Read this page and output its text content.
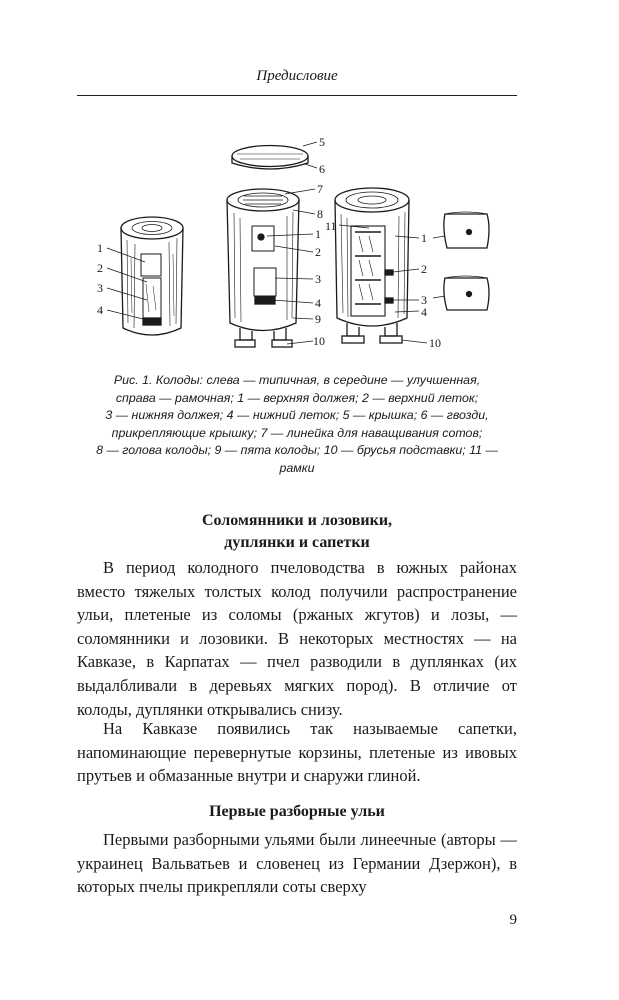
Предисловие
1
2
3
4
5
6
7
8
1
2
3
4
9
10
11
1
2
3
4
10
Рис. 1. Колоды: слева — типичная, в середине — улучшенная,
справа — рамочная; 1 — верхняя должея; 2 — верхний леток;
3 — нижняя должея; 4 — нижний леток; 5 — крышка; 6 — гвозди,
прикрепляющие крышку; 7 — линейка для наващивания сотов;
8 — голова колоды; 9 — пята колоды; 10 — брусья подставки; 11 —
рамки
Соломянники и лозовики,
дуплянки и сапетки

В период колодного пчеловодства в южных районах вместо тяжелых толстых колод получили распространение ульи, плетеные из соломы (ржаных жгутов) и лозы, — соломянники и лозовики. В некоторых местностях — на Кавказе, в Карпатах — пчел разводили в дуплянках (их выдалбливали в деревьях мягких пород). В отличие от колоды, дуплянки открывались снизу.

На Кавказе появились так называемые сапетки, напоминающие перевернутые корзины, плетеные из ивовых прутьев и обмазанные внутри и снаружи глиной.

Первые разборные ульи

Первыми разборными ульями были линеечные (авторы — украинец Вальватьев и словенец из Германии Дзержон), в которых пчелы прикрепляли соты сверху

9
